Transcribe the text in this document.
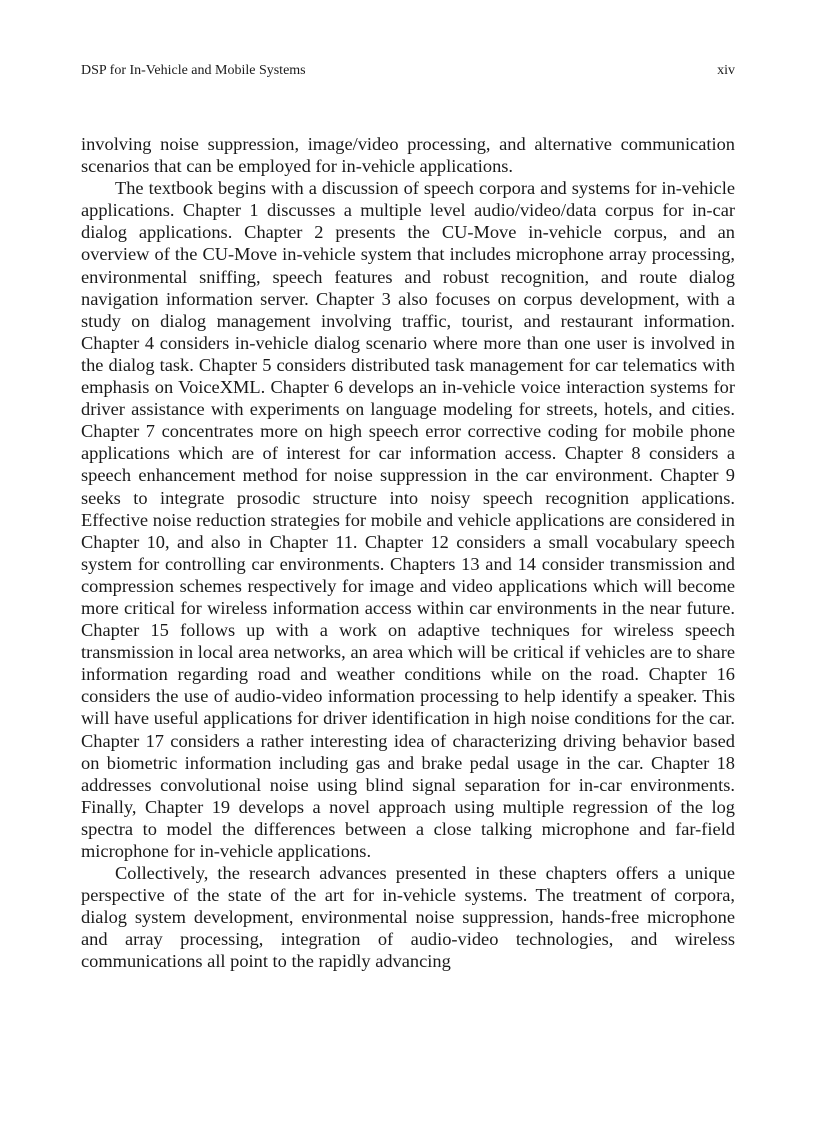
DSP for In-Vehicle and Mobile Systems	xiv

involving noise suppression, image/video processing, and alternative communication scenarios that can be employed for in-vehicle applications.

The textbook begins with a discussion of speech corpora and systems for in-vehicle applications. Chapter 1 discusses a multiple level audio/video/data corpus for in-car dialog applications. Chapter 2 presents the CU-Move in-vehicle corpus, and an overview of the CU-Move in-vehicle system that includes microphone array processing, environmental sniffing, speech features and robust recognition, and route dialog navigation information server. Chapter 3 also focuses on corpus development, with a study on dialog management involving traffic, tourist, and restaurant information. Chapter 4 considers in-vehicle dialog scenario where more than one user is involved in the dialog task. Chapter 5 considers distributed task management for car telematics with emphasis on VoiceXML. Chapter 6 develops an in-vehicle voice interaction systems for driver assistance with experiments on language modeling for streets, hotels, and cities. Chapter 7 concentrates more on high speech error corrective coding for mobile phone applications which are of interest for car information access. Chapter 8 considers a speech enhancement method for noise suppression in the car environment. Chapter 9 seeks to integrate prosodic structure into noisy speech recognition applications. Effective noise reduction strategies for mobile and vehicle applications are considered in Chapter 10, and also in Chapter 11. Chapter 12 considers a small vocabulary speech system for controlling car environments. Chapters 13 and 14 consider transmission and compression schemes respectively for image and video applications which will become more critical for wireless information access within car environments in the near future. Chapter 15 follows up with a work on adaptive techniques for wireless speech transmission in local area networks, an area which will be critical if vehicles are to share information regarding road and weather conditions while on the road. Chapter 16 considers the use of audio-video information processing to help identify a speaker. This will have useful applications for driver identification in high noise conditions for the car. Chapter 17 considers a rather interesting idea of characterizing driving behavior based on biometric information including gas and brake pedal usage in the car. Chapter 18 addresses convolutional noise using blind signal separation for in-car environments. Finally, Chapter 19 develops a novel approach using multiple regression of the log spectra to model the differences between a close talking microphone and far-field microphone for in-vehicle applications.

Collectively, the research advances presented in these chapters offers a unique perspective of the state of the art for in-vehicle systems. The treatment of corpora, dialog system development, environmental noise suppression, hands-free microphone and array processing, integration of audio-video technologies, and wireless communications all point to the rapidly advancing
